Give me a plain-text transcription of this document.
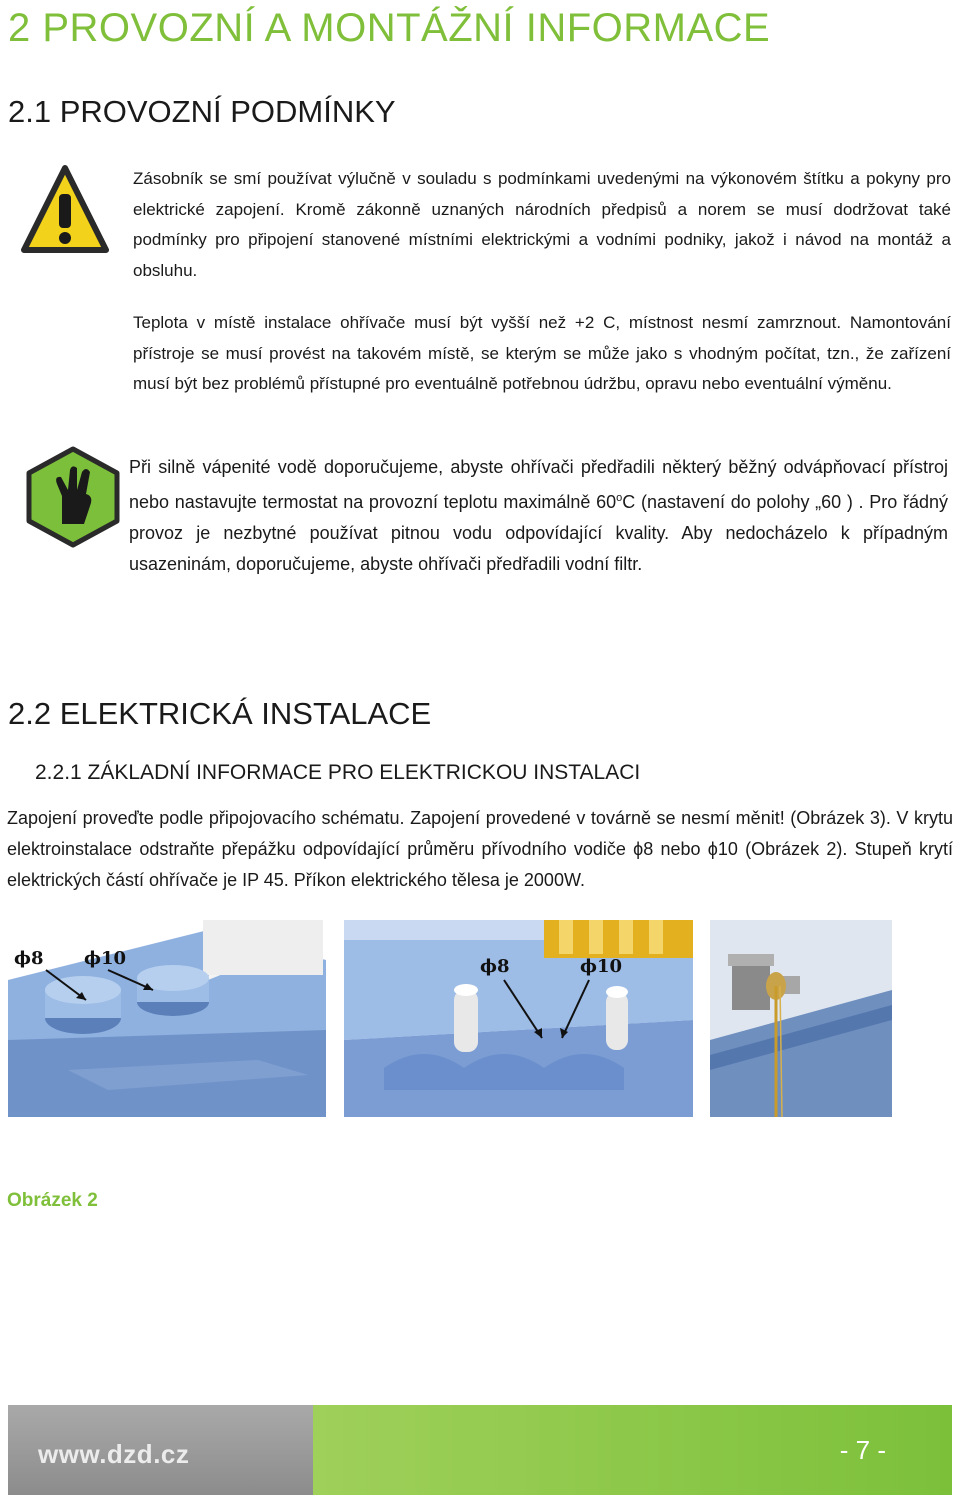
2 PROVOZNÍ A MONTÁŽNÍ INFORMACE
2.1 PROVOZNÍ PODMÍNKY

Zásobník se smí používat výlučně v souladu s podmínkami uvedenými na výkonovém štítku a pokyny pro elektrické zapojení. Kromě zákonně uznaných národních předpisů a norem se musí dodržovat také podmínky pro připojení stanovené místními elektrickými a vodními podniky, jakož i návod na montáž a obsluhu.

Teplota v místě instalace ohřívače musí být vyšší než +2 C, místnost nesmí zamrznout. Namontování přístroje se musí provést na takovém místě, se kterým se může jako s vhodným počítat, tzn., že zařízení musí být bez problémů přístupné pro eventuálně potřebnou údržbu, opravu nebo eventuální výměnu.

Při silně vápenité vodě doporučujeme, abyste ohřívači předřadili některý běžný odvápňovací přístroj nebo nastavujte termostat na provozní teplotu maximálně 60$^o$C (nastavení do polohy „60 ) . Pro řádný provoz je nezbytné používat pitnou vodu odpovídající kvality. Aby nedocházelo k případným usazeninám, doporučujeme, abyste ohřívači předřadili vodní filtr.

2.2 ELEKTRICKÁ INSTALACE
2.2.1 ZÁKLADNÍ INFORMACE PRO ELEKTRICKOU INSTALACI

Zapojení proveďte podle připojovacího schématu. Zapojení provedené v továrně se nesmí měnit! (Obrázek 3). V krytu elektroinstalace odstraňte přepážku odpovídající průměru přívodního vodiče ϕ8 nebo ϕ10 (Obrázek 2). Stupeň krytí elektrických částí ohřívače je IP 45. Příkon elektrického tělesa je 2000W.

ϕ8 ϕ10	ϕ8	ϕ10

Obrázek 2

www.dzd.cz	- 7 -
